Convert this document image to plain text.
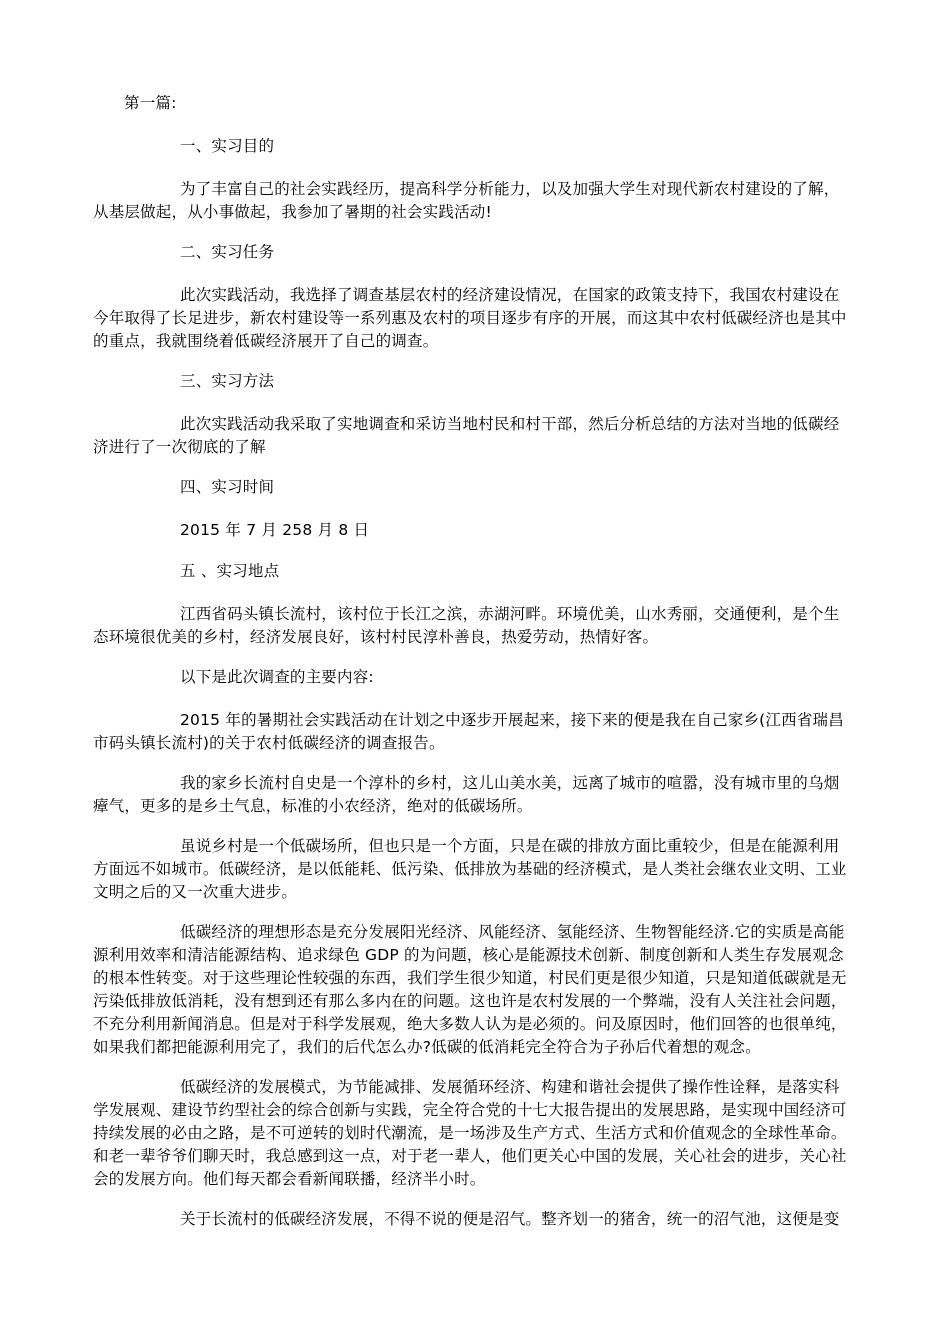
第一篇:
一、实习目的
为了丰富自己的社会实践经历，提高科学分析能力，以及加强大学生对现代新农村建设的了解，
从基层做起，从小事做起，我参加了暑期的社会实践活动!
二、实习任务
此次实践活动，我选择了调查基层农村的经济建设情况，在国家的政策支持下，我国农村建设在
今年取得了长足进步，新农村建设等一系列惠及农村的项目逐步有序的开展，而这其中农村低碳经济也是其中
的重点，我就围绕着低碳经济展开了自己的调查。
三、实习方法
此次实践活动我采取了实地调查和采访当地村民和村干部，然后分析总结的方法对当地的低碳经
济进行了一次彻底的了解
四、实习时间
2015 年 7 月 258 月 8 日
五 、实习地点
江西省码头镇长流村，该村位于长江之滨，赤湖河畔。环境优美，山水秀丽，交通便利，是个生
态环境很优美的乡村，经济发展良好，该村村民淳朴善良，热爱劳动，热情好客。
以下是此次调查的主要内容:
2015 年的暑期社会实践活动在计划之中逐步开展起来，接下来的便是我在自己家乡(江西省瑞昌
市码头镇长流村)的关于农村低碳经济的调查报告。
我的家乡长流村自史是一个淳朴的乡村，这儿山美水美，远离了城市的喧嚣，没有城市里的乌烟
瘴气，更多的是乡土气息，标准的小农经济，绝对的低碳场所。
虽说乡村是一个低碳场所，但也只是一个方面，只是在碳的排放方面比重较少，但是在能源利用
方面远不如城市。低碳经济，是以低能耗、低污染、低排放为基础的经济模式，是人类社会继农业文明、工业
文明之后的又一次重大进步。
低碳经济的理想形态是充分发展阳光经济、风能经济、氢能经济、生物智能经济.它的实质是高能
源利用效率和清洁能源结构、追求绿色 GDP 的为问题，核心是能源技术创新、制度创新和人类生存发展观念
的根本性转变。对于这些理论性较强的东西，我们学生很少知道，村民们更是很少知道，只是知道低碳就是无
污染低排放低消耗，没有想到还有那么多内在的问题。这也许是农村发展的一个弊端，没有人关注社会问题，
不充分利用新闻消息。但是对于科学发展观，绝大多数人认为是必须的。问及原因时，他们回答的也很单纯，
如果我们都把能源利用完了，我们的后代怎么办?低碳的低消耗完全符合为子孙后代着想的观念。
低碳经济的发展模式，为节能减排、发展循环经济、构建和谐社会提供了操作性诠释，是落实科
学发展观、建设节约型社会的综合创新与实践，完全符合党的十七大报告提出的发展思路，是实现中国经济可
持续发展的必由之路，是不可逆转的划时代潮流，是一场涉及生产方式、生活方式和价值观念的全球性革命。
和老一辈爷爷们聊天时，我总感到这一点，对于老一辈人，他们更关心中国的发展，关心社会的进步，关心社
会的发展方向。他们每天都会看新闻联播，经济半小时。
关于长流村的低碳经济发展，不得不说的便是沼气。整齐划一的猪舍，统一的沼气池，这便是变
